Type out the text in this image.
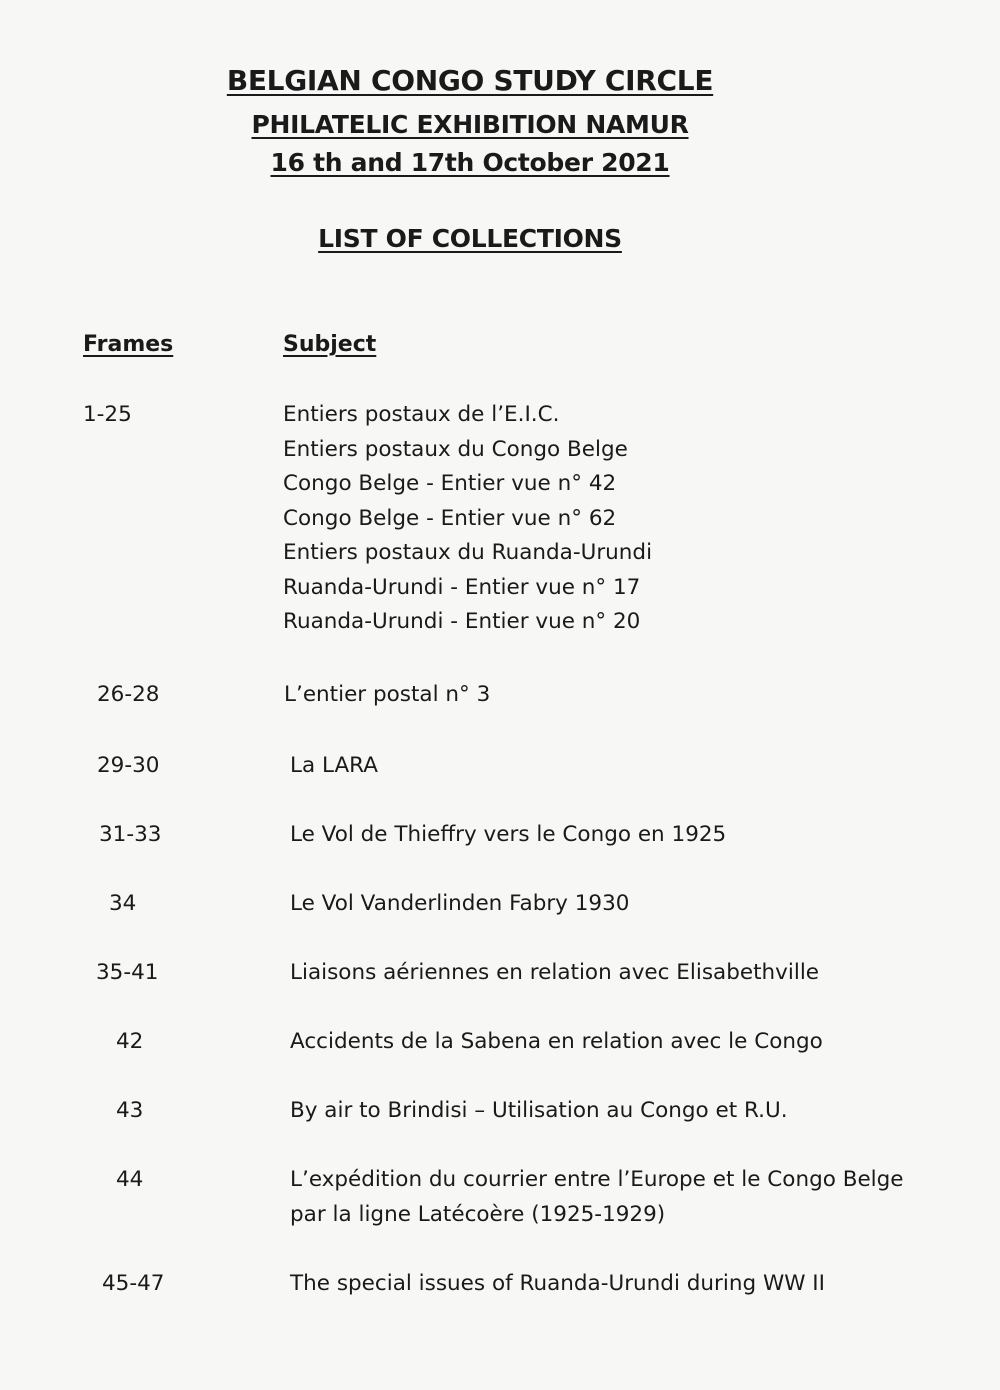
BELGIAN CONGO STUDY CIRCLE
PHILATELIC EXHIBITION NAMUR
16 th and 17th October 2021
LIST OF COLLECTIONS
Frames	Subject
1-25	Entiers postaux de l’E.I.C.
Entiers postaux du Congo Belge
Congo Belge - Entier vue n° 42
Congo Belge - Entier vue n° 62
Entiers postaux du Ruanda-Urundi
Ruanda-Urundi - Entier vue n° 17
Ruanda-Urundi - Entier vue n° 20
26-28	L’entier postal n° 3
29-30	La LARA
31-33	Le Vol de Thieffry vers le Congo en 1925
34	Le Vol Vanderlinden Fabry 1930
35-41	Liaisons aériennes en relation avec Elisabethville
42	Accidents de la Sabena en relation avec le Congo
43	By air to Brindisi – Utilisation au Congo et R.U.
44	L’expédition du courrier entre l’Europe et le Congo Belge
par la ligne Latécoère (1925-1929)
45-47	The special issues of Ruanda-Urundi during WW II
